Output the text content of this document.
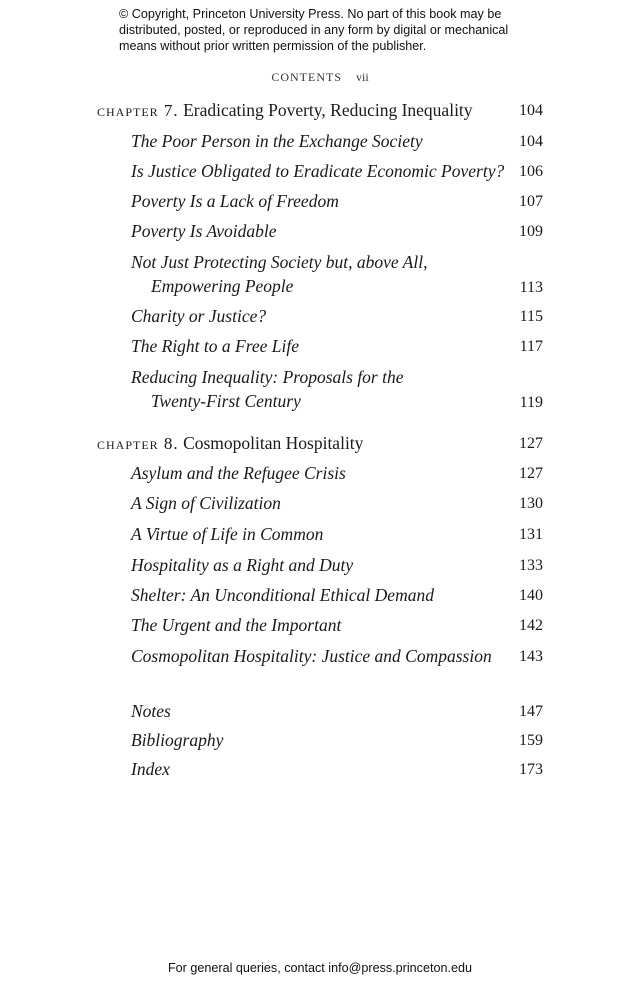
© Copyright, Princeton University Press. No part of this book may be distributed, posted, or reproduced in any form by digital or mechanical means without prior written permission of the publisher.
contents vii
chapter 7. Eradicating Poverty, Reducing Inequality	104
The Poor Person in the Exchange Society	104
Is Justice Obligated to Eradicate Economic Poverty? 106
Poverty Is a Lack of Freedom	107
Poverty Is Avoidable	109
Not Just Protecting Society but, above All,
Empowering People	113
Charity or Justice?	115
The Right to a Free Life	117
Reducing Inequality: Proposals for the
Twenty-First Century	119
chapter 8. Cosmopolitan Hospitality	127
Asylum and the Refugee Crisis	127
A Sign of Civilization	130
A Virtue of Life in Common	131
Hospitality as a Right and Duty	133
Shelter: An Unconditional Ethical Demand	140
The Urgent and the Important	142
Cosmopolitan Hospitality: Justice and Compassion 143
Notes	147
Bibliography	159
Index	173
For general queries, contact info@press.princeton.edu
